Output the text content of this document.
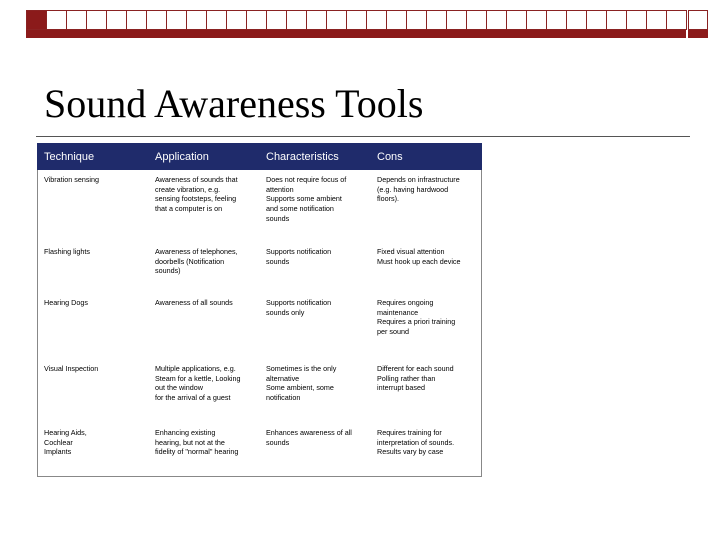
Sound Awareness Tools
Technique	Application	Characteristics	Cons

Vibration sensing	Awareness of sounds that
create vibration, e.g.
sensing footsteps, feeling
that a computer is on	Does not require focus of
attention
Supports some ambient
and some notification
sounds	Depends on infrastructure
(e.g. having hardwood
floors).

Flashing lights	Awareness of telephones,
doorbells (Notification
sounds)	Supports notification
sounds	Fixed visual attention
Must hook up each device

Hearing Dogs	Awareness of all sounds	Supports notification
sounds only	Requires ongoing
maintenance
Requires a priori training
per sound

Visual Inspection	Multiple applications, e.g.
Steam for a kettle, Looking
out the window
for the arrival of a guest	Sometimes is the only
alternative
Some ambient, some
notification	Different for each sound
Polling rather than
interrupt based

Hearing Aids,
Cochlear
Implants	Enhancing existing
hearing, but not at the
fidelity of "normal" hearing	Enhances awareness of all
sounds	Requires training for
interpretation of sounds.
Results vary by case
